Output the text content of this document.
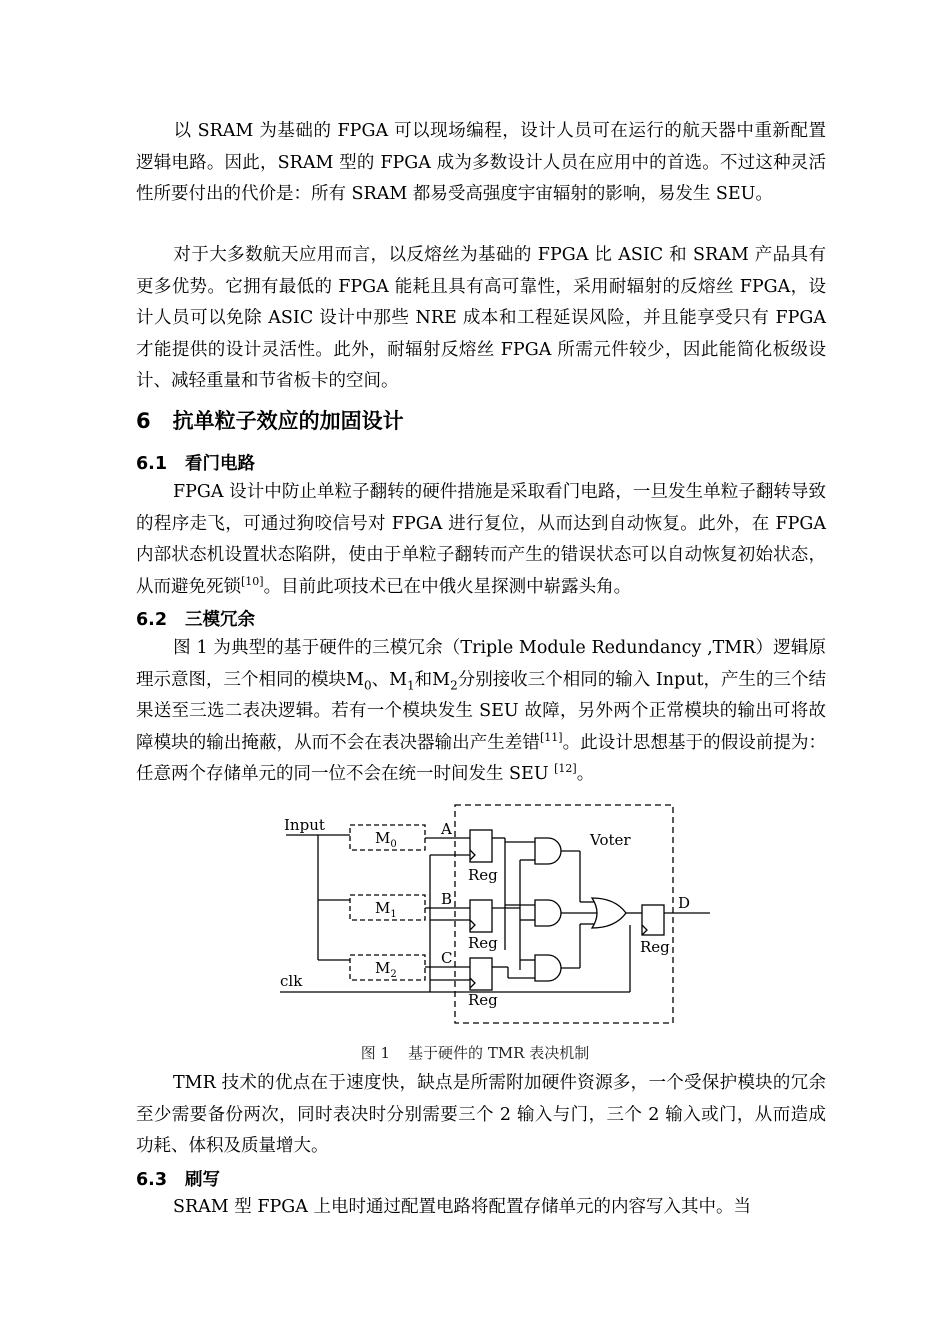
以 SRAM 为基础的 FPGA 可以现场编程，设计人员可在运行的航天器中重新配置逻辑电路。因此，SRAM 型的 FPGA 成为多数设计人员在应用中的首选。不过这种灵活性所要付出的代价是：所有 SRAM 都易受高强度宇宙辐射的影响，易发生 SEU。

对于大多数航天应用而言，以反熔丝为基础的 FPGA 比 ASIC 和 SRAM 产品具有更多优势。它拥有最低的 FPGA 能耗且具有高可靠性，采用耐辐射的反熔丝 FPGA，设计人员可以免除 ASIC 设计中那些 NRE 成本和工程延误风险，并且能享受只有 FPGA 才能提供的设计灵活性。此外，耐辐射反熔丝 FPGA 所需元件较少，因此能简化板级设计、减轻重量和节省板卡的空间。

6 抗单粒子效应的加固设计
6.1 看门电路

FPGA 设计中防止单粒子翻转的硬件措施是采取看门电路，一旦发生单粒子翻转导致的程序走飞，可通过狗咬信号对 FPGA 进行复位，从而达到自动恢复。此外，在 FPGA 内部状态机设置状态陷阱，使由于单粒子翻转而产生的错误状态可以自动恢复初始状态，从而避免死锁[10]。目前此项技术已在中俄火星探测中崭露头角。

6.2 三模冗余

图 1 为典型的基于硬件的三模冗余（Triple Module Redundancy ,TMR）逻辑原理示意图，三个相同的模块$M_0$、$M_1$和$M_2$分别接收三个相同的输入 Input，产生的三个结果送至三选二表决逻辑。若有一个模块发生 SEU 故障，另外两个正常模块的输出可将故障模块的输出掩蔽，从而不会在表决器输出产生差错[11]。此设计思想基于的假设前提为：任意两个存储单元的同一位不会在统一时间发生 SEU [12]。

Input
clk
$M_0$
$M_1$
$M_2$
A
B
C
D
Voter
Reg
Reg
Reg
Reg
图 1 基于硬件的 TMR 表决机制

TMR 技术的优点在于速度快，缺点是所需附加硬件资源多，一个受保护模块的冗余至少需要备份两次，同时表决时分别需要三个 2 输入与门，三个 2 输入或门，从而造成功耗、体积及质量增大。

6.3 刷写

SRAM 型 FPGA 上电时通过配置电路将配置存储单元的内容写入其中。当
